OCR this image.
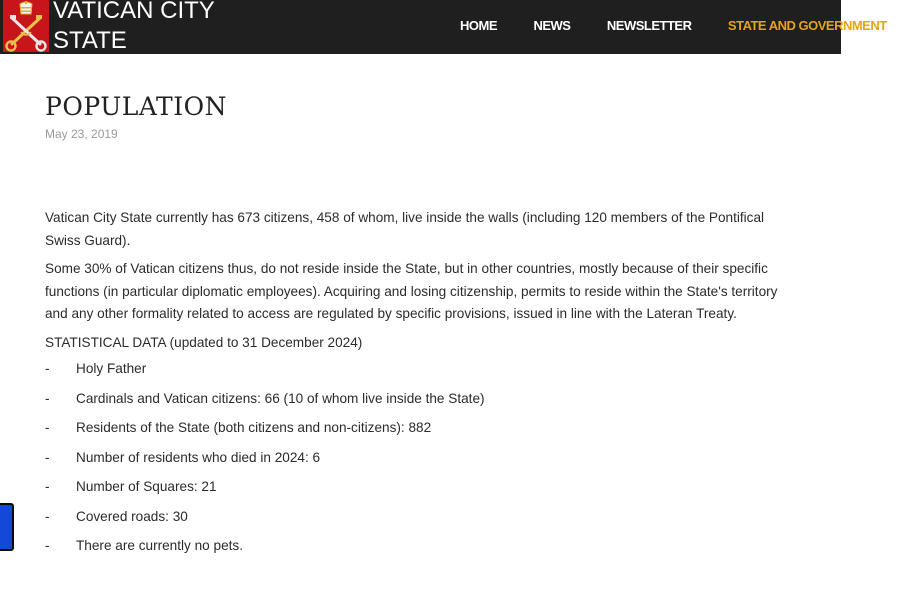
VATICAN CITY
STATE
HOME	NEWS	NEWSLETTER	STATE AND GOVERNMENT
POPULATION
May 23, 2019

Vatican City State currently has 673 citizens, 458 of whom, live inside the walls (including 120 members of the Pontifical Swiss Guard).

Some 30% of Vatican citizens thus, do not reside inside the State, but in other countries, mostly because of their specific functions (in particular diplomatic employees). Acquiring and losing citizenship, permits to reside within the State's territory and any other formality related to access are regulated by specific provisions, issued in line with the Lateran Treaty.

STATISTICAL DATA (updated to 31 December 2024)
-	Holy Father
-	Cardinals and Vatican citizens: 66 (10 of whom live inside the State)
-	Residents of the State (both citizens and non-citizens): 882
-	Number of residents who died in 2024: 6
-	Number of Squares: 21
-	Covered roads: 30
-	There are currently no pets.
